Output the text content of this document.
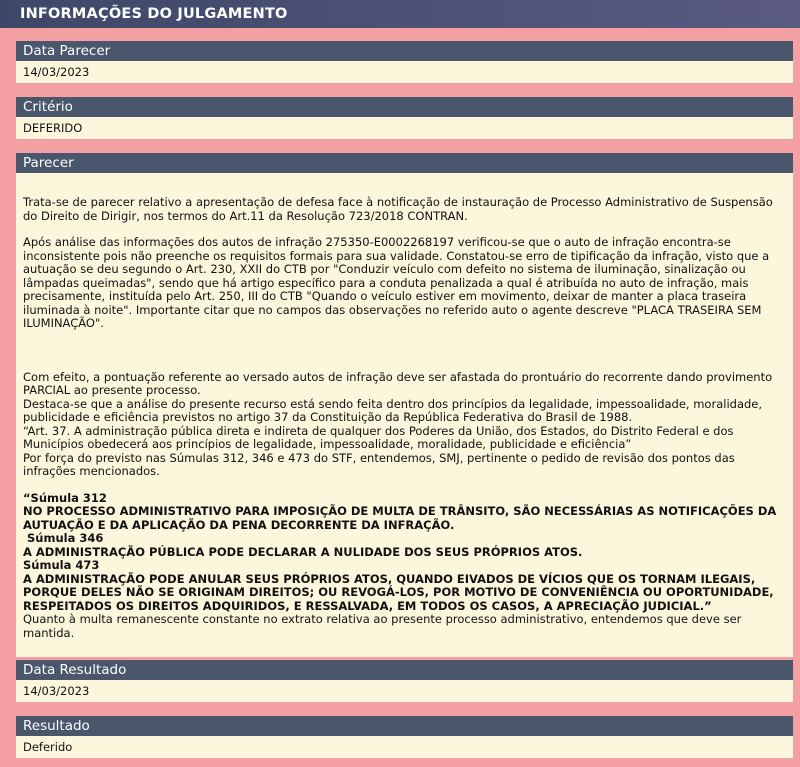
INFORMAÇÕES DO JULGAMENTO
Data Parecer
14/03/2023
Critério
DEFERIDO
Parecer

Trata-se de parecer relativo a apresentação de defesa face à notificação de instauração de Processo Administrativo de Suspensão do Direito de Dirigir, nos termos do Art.11 da Resolução 723/2018 CONTRAN.

Após análise das informações dos autos de infração 275350-E0002268197 verificou-se que o auto de infração encontra-se inconsistente pois não preenche os requisitos formais para sua validade. Constatou-se erro de tipificação da infração, visto que a autuação se deu segundo o Art. 230, XXII do CTB por "Conduzir veículo com defeito no sistema de iluminação, sinalização ou lâmpadas queimadas", sendo que há artigo específico para a conduta penalizada a qual é atribuída no auto de infração, mais precisamente, instituída pelo Art. 250, III do CTB "Quando o veículo estiver em movimento, deixar de manter a placa traseira iluminada à noite". Importante citar que no campos das observações no referido auto o agente descreve "PLACA TRASEIRA SEM ILUMINAÇÃO".

Com efeito, a pontuação referente ao versado autos de infração deve ser afastada do prontuário do recorrente dando provimento PARCIAL ao presente processo.

Destaca-se que a análise do presente recurso está sendo feita dentro dos princípios da legalidade, impessoalidade, moralidade, publicidade e eficiência previstos no artigo 37 da Constituição da República Federativa do Brasil de 1988.

“Art. 37. A administração pública direta e indireta de qualquer dos Poderes da União, dos Estados, do Distrito Federal e dos Municípios obedecerá aos princípios de legalidade, impessoalidade, moralidade, publicidade e eficiência”

Por força do previsto nas Súmulas 312, 346 e 473 do STF, entendemos, SMJ, pertinente o pedido de revisão dos pontos das infrações mencionados.

“Súmula 312

NO PROCESSO ADMINISTRATIVO PARA IMPOSIÇÃO DE MULTA DE TRÂNSITO, SÃO NECESSÁRIAS AS NOTIFICAÇÕES DA AUTUAÇÃO E DA APLICAÇÃO DA PENA DECORRENTE DA INFRAÇÃO.

Súmula 346

A ADMINISTRAÇÃO PÚBLICA PODE DECLARAR A NULIDADE DOS SEUS PRÓPRIOS ATOS.

Súmula 473

A ADMINISTRAÇÃO PODE ANULAR SEUS PRÓPRIOS ATOS, QUANDO EIVADOS DE VÍCIOS QUE OS TORNAM ILEGAIS, PORQUE DELES NÃO SE ORIGINAM DIREITOS; OU REVOGÁ-LOS, POR MOTIVO DE CONVENIÊNCIA OU OPORTUNIDADE, RESPEITADOS OS DIREITOS ADQUIRIDOS, E RESSALVADA, EM TODOS OS CASOS, A APRECIAÇÃO JUDICIAL.”

Quanto à multa remanescente constante no extrato relativa ao presente processo administrativo, entendemos que deve ser mantida.

Data Resultado
14/03/2023
Resultado
Deferido
